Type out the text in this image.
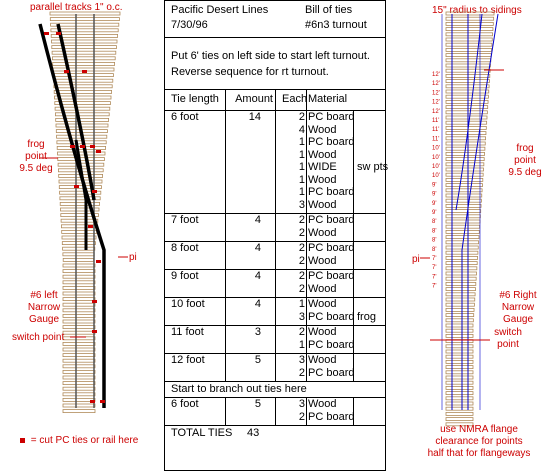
parallel tracks 1" o.c.
frog
point
9.5 deg
pi
#6 left
Narrow Gauge
switch point
= cut PC ties or rail here
Pacific Desert Lines
7/30/96
Bill of ties
#6n3 turnout
Put 6' ties on left side to start left turnout.
Reverse sequence for rt turnout.
Tie length	Amount Each Material
6 foot	14	2 PC board
4 Wood
1 PC board
1 Wood
1 WIDE
1 Wood
1 PC board
3 Wood
sw pts
7 foot	4	2 PC board
2 Wood
8 foot	4	2 PC board
2 Wood
9 foot	4	2 PC board
2 Wood
10 foot	4	1 Wood
3 PC board frog
11 foot	3	2 Wood
1 PC board
12 foot	5	3 Wood
2 PC board
Start to branch out ties here
6 foot	5	3 Wood
2 PC board
TOTAL TIES 43
15" radius to sidings
12'
12'
12'
12'
12'
11'
11'
11'
10'
10'
10'
10'
9'
9'
9'
9'
8'
8'
8'
8'
7'
7'
7'
7'
frog
point
9.5 deg
pi
#6 Right
Narrow Gauge
switch
point
use NMRA flange
clearance for points
half that for flangeways
